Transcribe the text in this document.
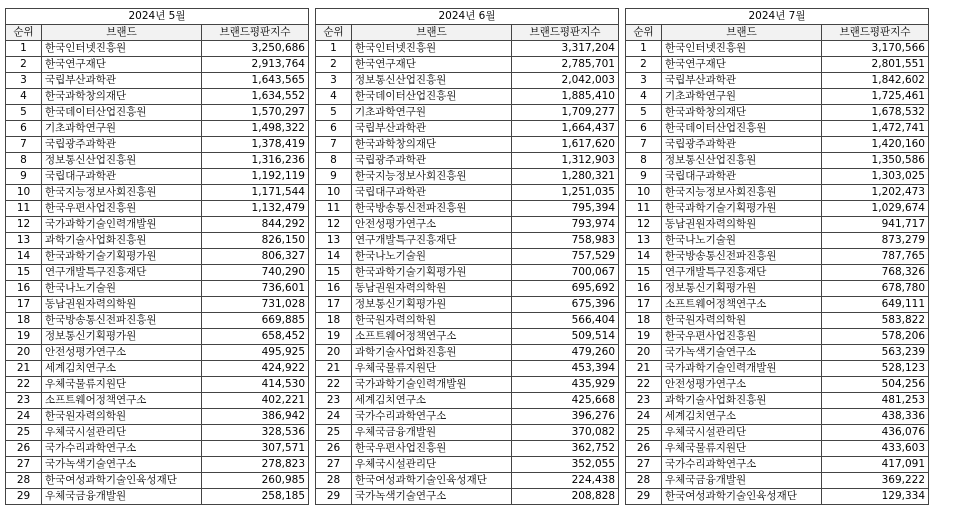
2024년 5월		
순위	브랜드	브랜드평판지수
1	한국인터넷진흥원	3,250,686
2	한국연구재단	2,913,764
3	국립부산과학관	1,643,565
4	한국과학창의재단	1,634,552
5	한국데이터산업진흥원	1,570,297
6	기초과학연구원	1,498,322
7	국립광주과학관	1,378,419
8	정보통신산업진흥원	1,316,236
9	국립대구과학관	1,192,119
10	한국지능정보사회진흥원	1,171,544
11	한국우편사업진흥원	1,132,479
12	국가과학기술인력개발원	844,292
13	과학기술사업화진흥원	826,150
14	한국과학기술기획평가원	806,327
15	연구개발특구진흥재단	740,290
16	한국나노기술원	736,601
17	동남권원자력의학원	731,028
18	한국방송통신전파진흥원	669,885
19	정보통신기획평가원	658,452
20	안전성평가연구소	495,925
21	세계김치연구소	424,922
22	우체국물류지원단	414,530
23	소프트웨어정책연구소	402,221
24	한국원자력의학원	386,942
25	우체국시설관리단	328,536
26	국가수리과학연구소	307,571
27	국가녹색기술연구소	278,823
28	한국여성과학기술인육성재단	260,985
29	우체국금융개발원	258,185
2024년 6월		
순위	브랜드	브랜드평판지수
1	한국인터넷진흥원	3,317,204
2	한국연구재단	2,785,701
3	정보통신산업진흥원	2,042,003
4	한국데이터산업진흥원	1,885,410
5	기초과학연구원	1,709,277
6	국립부산과학관	1,664,437
7	한국과학창의재단	1,617,620
8	국립광주과학관	1,312,903
9	한국지능정보사회진흥원	1,280,321
10	국립대구과학관	1,251,035
11	한국방송통신전파진흥원	795,394
12	안전성평가연구소	793,974
13	연구개발특구진흥재단	758,983
14	한국나노기술원	757,529
15	한국과학기술기획평가원	700,067
16	동남권원자력의학원	695,692
17	정보통신기획평가원	675,396
18	한국원자력의학원	566,404
19	소프트웨어정책연구소	509,514
20	과학기술사업화진흥원	479,260
21	우체국물류지원단	453,394
22	국가과학기술인력개발원	435,929
23	세계김치연구소	425,668
24	국가수리과학연구소	396,276
25	우체국금융개발원	370,082
26	한국우편사업진흥원	362,752
27	우체국시설관리단	352,055
28	한국여성과학기술인육성재단	224,438
29	국가녹색기술연구소	208,828
2024년 7월		
순위	브랜드	브랜드평판지수
1	한국인터넷진흥원	3,170,566
2	한국연구재단	2,801,551
3	국립부산과학관	1,842,602
4	기초과학연구원	1,725,461
5	한국과학창의재단	1,678,532
6	한국데이터산업진흥원	1,472,741
7	국립광주과학관	1,420,160
8	정보통신산업진흥원	1,350,586
9	국립대구과학관	1,303,025
10	한국지능정보사회진흥원	1,202,473
11	한국과학기술기획평가원	1,029,674
12	동남권원자력의학원	941,717
13	한국나노기술원	873,279
14	한국방송통신전파진흥원	787,765
15	연구개발특구진흥재단	768,326
16	정보통신기획평가원	678,780
17	소프트웨어정책연구소	649,111
18	한국원자력의학원	583,822
19	한국우편사업진흥원	578,206
20	국가녹색기술연구소	563,239
21	국가과학기술인력개발원	528,123
22	안전성평가연구소	504,256
23	과학기술사업화진흥원	481,253
24	세계김치연구소	438,336
25	우체국시설관리단	436,076
26	우체국물류지원단	433,603
27	국가수리과학연구소	417,091
28	우체국금융개발원	369,222
29	한국여성과학기술인육성재단	129,334
